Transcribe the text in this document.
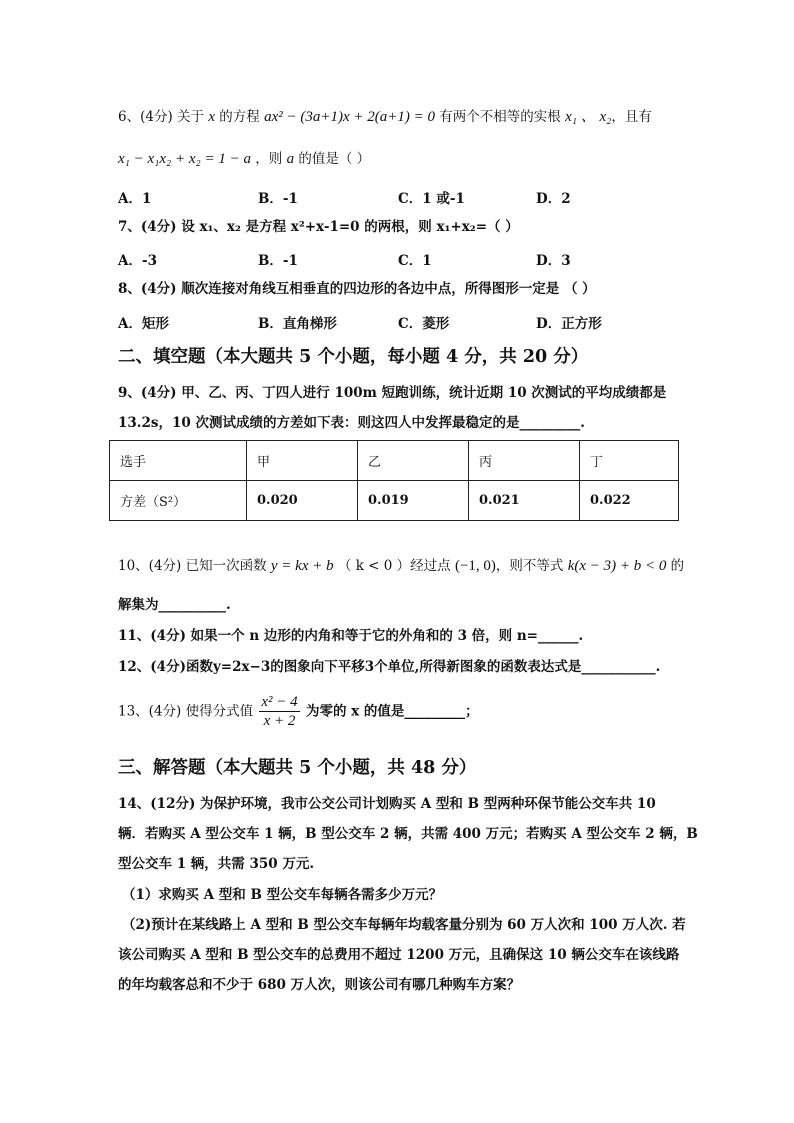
6、(4分) 关于 x 的方程 ax² − (3a+1)x + 2(a+1) = 0 有两个不相等的实根 x₁ 、 x₂，且有
x₁ − x₁x₂ + x₂ = 1 − a ，则 a 的值是（ ）
A．1	B．-1	C．1 或-1	D．2
7、(4分) 设 x₁、x₂ 是方程 x²+x-1=0 的两根，则 x₁+x₂=（ ）
A．-3	B．-1	C．1	D．3
8、(4分) 顺次连接对角线互相垂直的四边形的各边中点，所得图形一定是 （ ）
A．矩形	B．直角梯形	C．菱形	D．正方形
二、填空题（本大题共 5 个小题，每小题 4 分，共 20 分）
9、(4分) 甲、乙、丙、丁四人进行 100m 短跑训练，统计近期 10 次测试的平均成绩都是
13.2s，10 次测试成绩的方差如下表：则这四人中发挥最稳定的是_________.
选手	甲	乙	丙	丁
方差（S²）	0.020	0.019	0.021	0.022
10、(4分) 已知一次函数 y = kx + b （ k < 0 ）经过点 (−1, 0)，则不等式 k(x − 3) + b < 0 的
解集为__________.
11、(4分) 如果一个 n 边形的内角和等于它的外角和的 3 倍，则 n=______.
12、(4分)函数y=2x−3的图象向下平移3个单位,所得新图象的函数表达式是___________.
13、(4分) 使得分式值 $\frac{\text{x² − 4}}{x + 2}$ 为零的 x 的值是_________；
三、解答题（本大题共 5 个小题，共 48 分）
14、(12分) 为保护环境，我市公交公司计划购买 A 型和 B 型两种环保节能公交车共 10
辆．若购买 A 型公交车 1 辆，B 型公交车 2 辆，共需 400 万元；若购买 A 型公交车 2 辆，B
型公交车 1 辆，共需 350 万元.
（1）求购买 A 型和 B 型公交车每辆各需多少万元？
（2)预计在某线路上 A 型和 B 型公交车每辆年均载客量分别为 60 万人次和 100 万人次. 若
该公司购买 A 型和 B 型公交车的总费用不超过 1200 万元，且确保这 10 辆公交车在该线路
的年均载客总和不少于 680 万人次，则该公司有哪几种购车方案？
